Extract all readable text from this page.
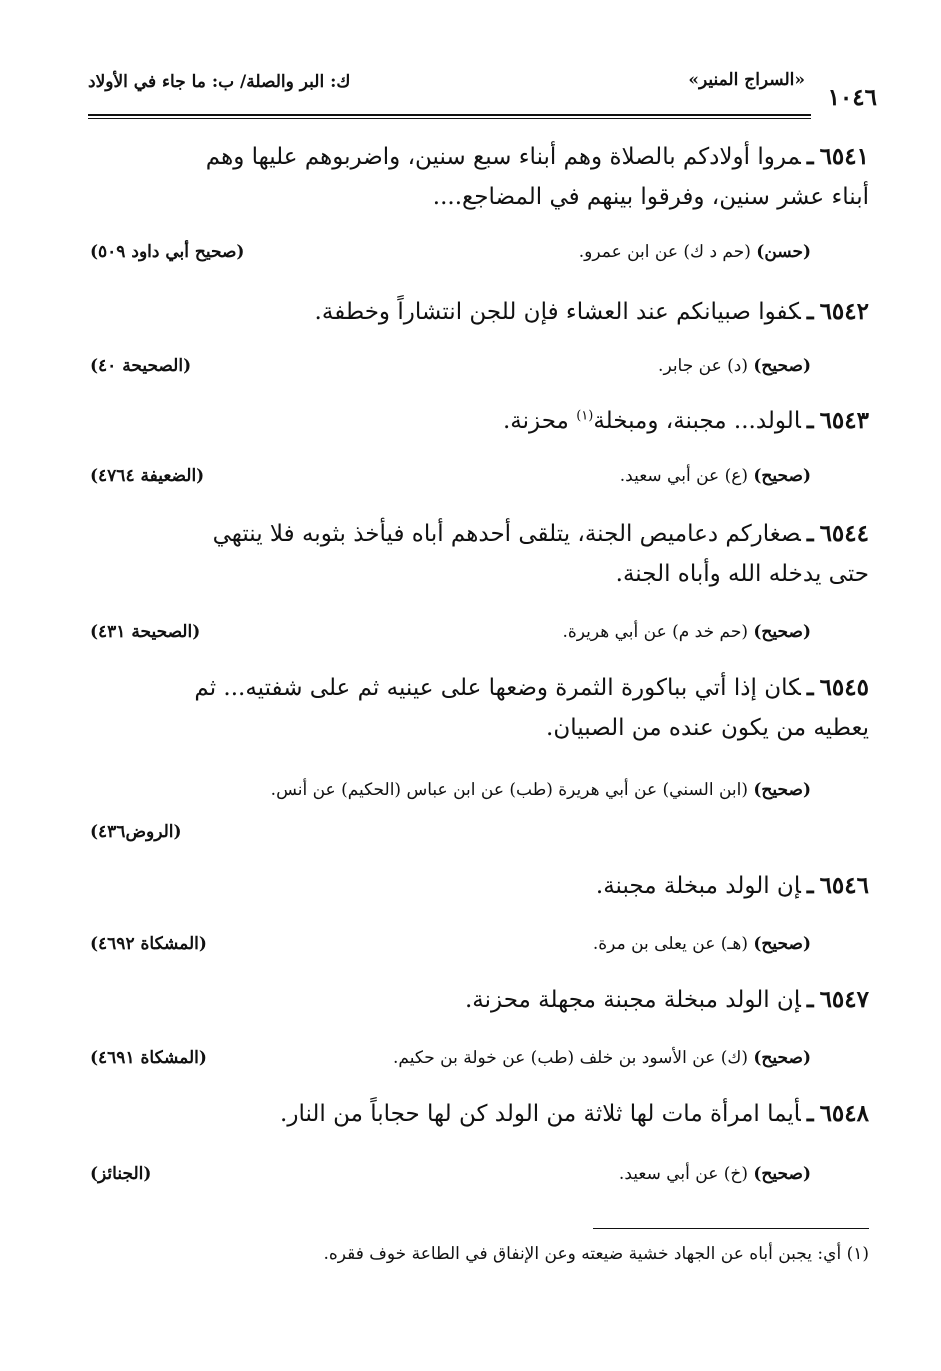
١٠٤٦
«السراج المنير»
ك: البر والصلة/ ب: ما جاء في الأولاد
٦٥٤١ـمروا أولادكم بالصلاة وهم أبناء سبع سنين، واضربوهم عليها وهم
أبناء عشر سنين، وفرقوا بينهم في المضاجع....
(حسن) (حم د ك) عن ابن عمرو.
(صحيح أبي داود ٥٠٩)
٦٥٤٢ـكفوا صبيانكم عند العشاء فإن للجن انتشاراً وخطفة.
(صحيح) (د) عن جابر.
(الصحيحة ٤٠)
٦٥٤٣ـالولد... مجبنة، ومبخلة$^{(١)}$ محزنة.
(صحيح) (ع) عن أبي سعيد.
(الضعيفة ٤٧٦٤)
٦٥٤٤ـصغاركم دعاميص الجنة، يتلقى أحدهم أباه فيأخذ بثوبه فلا ينتهي
حتى يدخله الله وأباه الجنة.
(صحيح) (حم خد م) عن أبي هريرة.
(الصحيحة ٤٣١)
٦٥٤٥ـكان إذا أتي بباكورة الثمرة وضعها على عينيه ثم على شفتيه... ثم
يعطيه من يكون عنده من الصبيان.
(صحيح) (ابن السني) عن أبي هريرة (طب) عن ابن عباس (الحكيم) عن أنس.
(الروض٤٣٦)
٦٥٤٦ـإن الولد مبخلة مجبنة.
(صحيح) (هـ) عن يعلى بن مرة.
(المشكاة ٤٦٩٢)
٦٥٤٧ـإن الولد مبخلة مجبنة مجهلة محزنة.
(صحيح) (ك) عن الأسود بن خلف (طب) عن خولة بن حكيم.
(المشكاة ٤٦٩١)
٦٥٤٨ـأيما امرأة مات لها ثلاثة من الولد كن لها حجاباً من النار.
(صحيح) (خ) عن أبي سعيد.
(الجنائز)
(١) أي: يجبن أباه عن الجهاد خشية ضيعته وعن الإنفاق في الطاعة خوف فقره.
